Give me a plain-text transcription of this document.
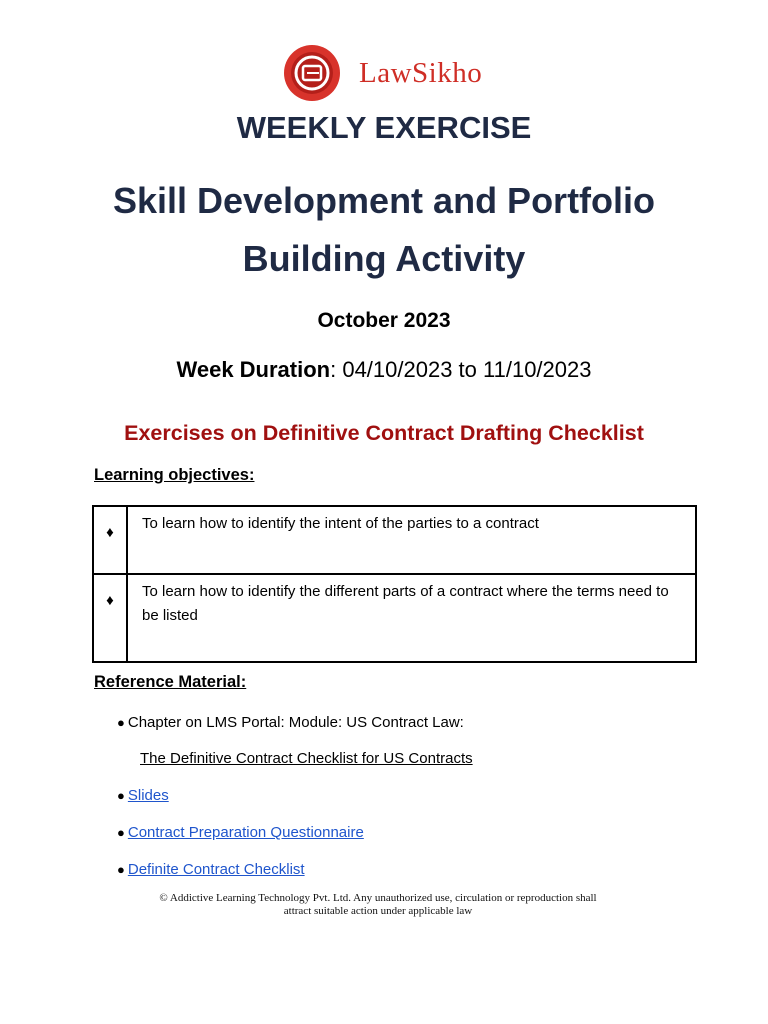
LawSikho
WEEKLY EXERCISE
Skill Development and Portfolio
Building Activity
October 2023
Week Duration: 04/10/2023 to 11/10/2023
Exercises on Definitive Contract Drafting Checklist
Learning objectives:
♦	To learn how to identify the intent of the parties to a contract
♦	To learn how to identify the different parts of a contract where the terms need to be listed
Reference Material:
● Chapter on LMS Portal: Module: US Contract Law:
The Definitive Contract Checklist for US Contracts
● Slides
● Contract Preparation Questionnaire
● Definite Contract Checklist
© Addictive Learning Technology Pvt. Ltd. Any unauthorized use, circulation or reproduction shall
attract suitable action under applicable law
